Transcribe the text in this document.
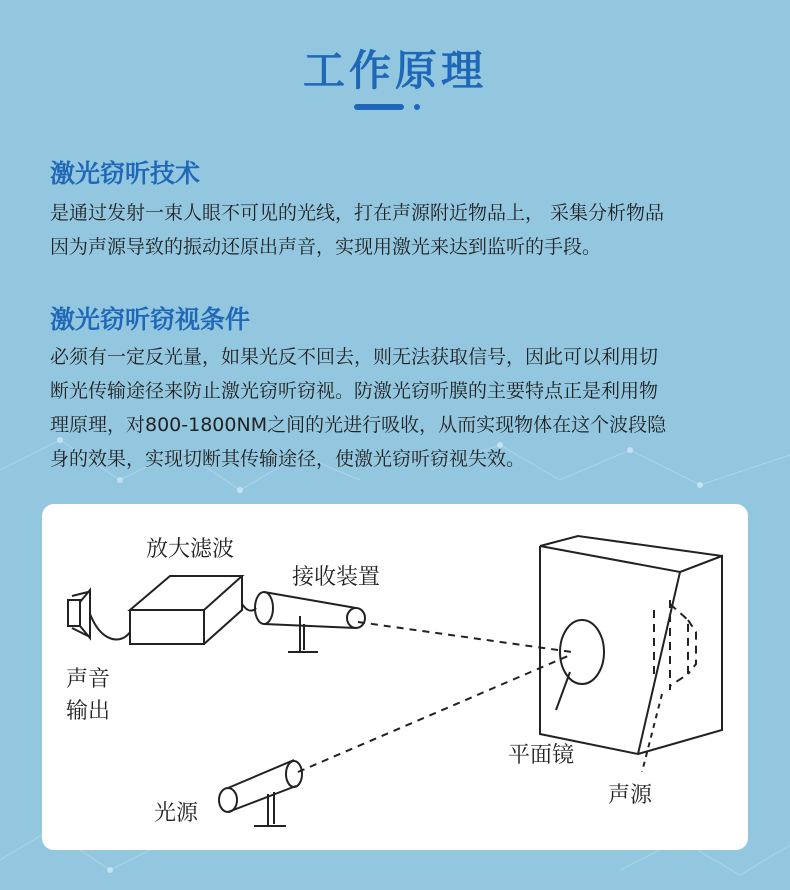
工作原理
激光窃听技术
是通过发射一束人眼不可见的光线，打在声源附近物品上， 采集分析物品
因为声源导致的振动还原出声音，实现用激光来达到监听的手段。
激光窃听窃视条件
必须有一定反光量，如果光反不回去，则无法获取信号，因此可以利用切
断光传输途径来防止激光窃听窃视。防激光窃听膜的主要特点正是利用物
理原理，对800-1800NM之间的光进行吸收，从而实现物体在这个波段隐
身的效果，实现切断其传输途径，使激光窃听窃视失效。
放大滤波
接收装置
声音
输出
平面镜
光源
声源
